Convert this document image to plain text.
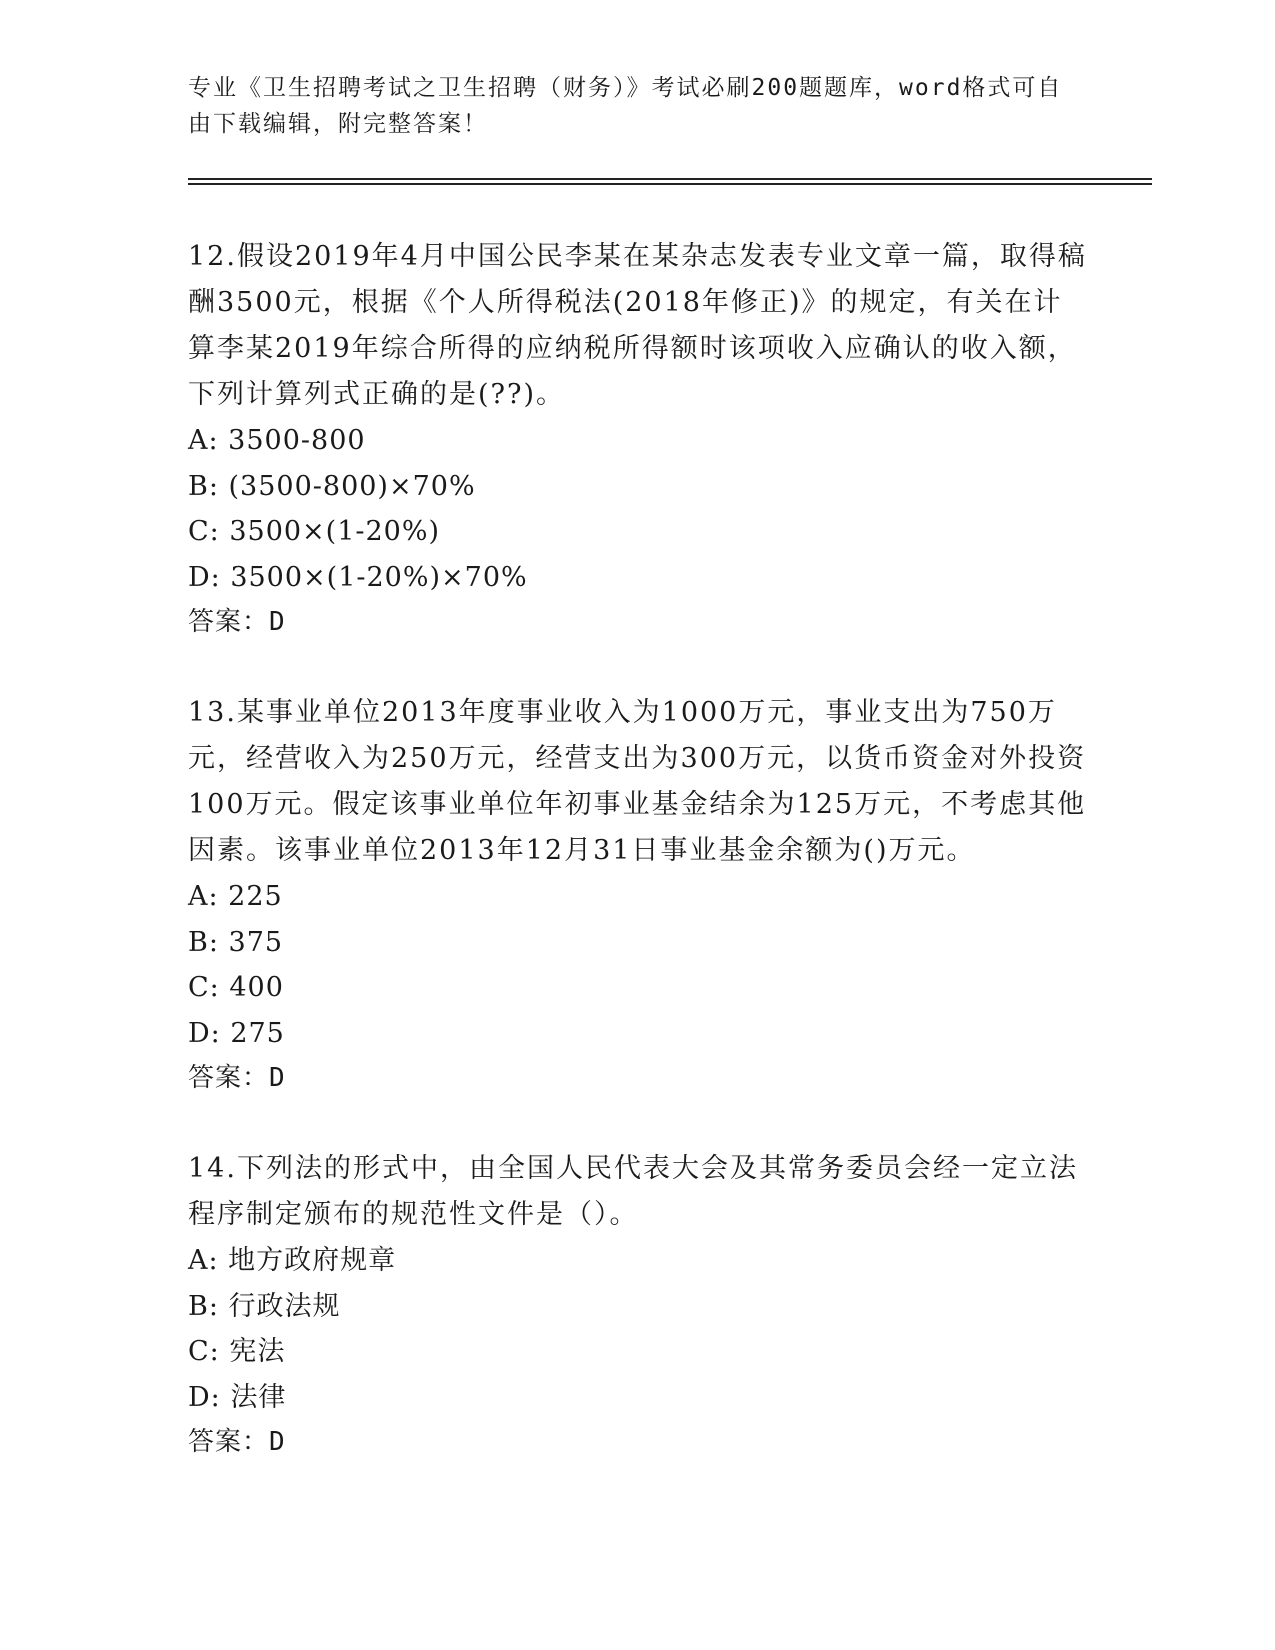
专业《卫生招聘考试之卫生招聘（财务）》考试必刷200题题库，word格式可自由下载编辑，附完整答案！

12.假设2019年4月中国公民李某在某杂志发表专业文章一篇，取得稿酬3500元，根据《个人所得税法(2018年修正)》的规定，有关在计算李某2019年综合所得的应纳税所得额时该项收入应确认的收入额，下列计算列式正确的是(??)。

A: 3500-800

B: (3500-800)×70%

C: 3500×(1-20%)

D: 3500×(1-20%)×70%

答案：D

13.某事业单位2013年度事业收入为1000万元，事业支出为750万元，经营收入为250万元，经营支出为300万元，以货币资金对外投资100万元。假定该事业单位年初事业基金结余为125万元，不考虑其他因素。该事业单位2013年12月31日事业基金余额为()万元。

A: 225

B: 375

C: 400

D: 275

答案：D

14.下列法的形式中，由全国人民代表大会及其常务委员会经一定立法程序制定颁布的规范性文件是（）。

A: 地方政府规章

B: 行政法规

C: 宪法

D: 法律

答案：D
